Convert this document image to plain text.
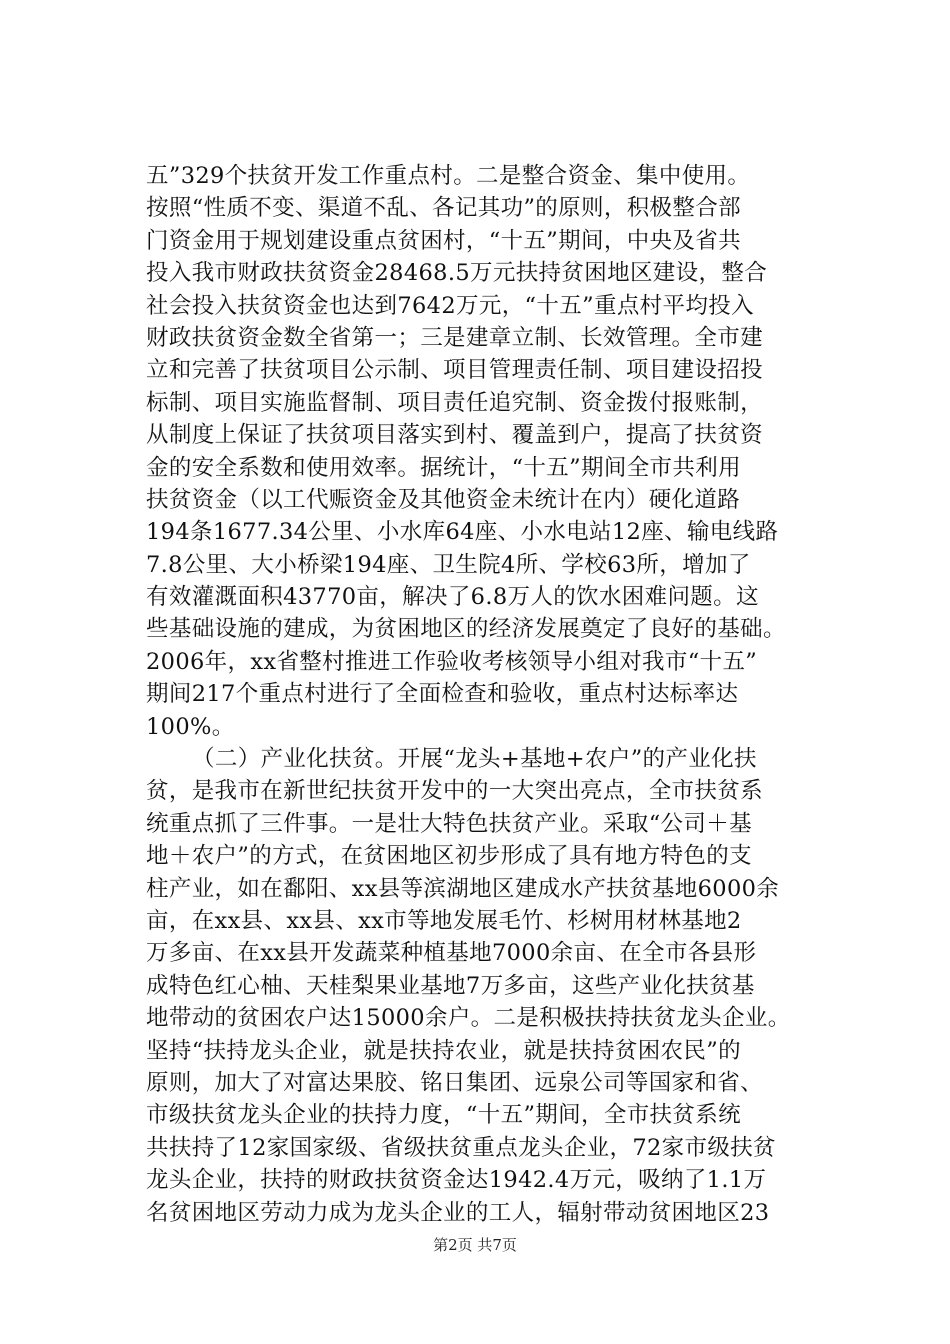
五”329个扶贫开发工作重点村。二是整合资金、集中使用。
按照“性质不变、渠道不乱、各记其功”的原则，积极整合部
门资金用于规划建设重点贫困村，“十五”期间，中央及省共
投入我市财政扶贫资金28468.5万元扶持贫困地区建设，整合
社会投入扶贫资金也达到7642万元，“十五”重点村平均投入
财政扶贫资金数全省第一；三是建章立制、长效管理。全市建
立和完善了扶贫项目公示制、项目管理责任制、项目建设招投
标制、项目实施监督制、项目责任追究制、资金拨付报账制，
从制度上保证了扶贫项目落实到村、覆盖到户，提高了扶贫资
金的安全系数和使用效率。据统计，“十五”期间全市共利用
扶贫资金（以工代赈资金及其他资金未统计在内）硬化道路
194条1677.34公里、小水库64座、小水电站12座、输电线路
7.8公里、大小桥梁194座、卫生院4所、学校63所，增加了
有效灌溉面积43770亩，解决了6.8万人的饮水困难问题。这
些基础设施的建成，为贫困地区的经济发展奠定了良好的基础。
2006年，xx省整村推进工作验收考核领导小组对我市“十五”
期间217个重点村进行了全面检查和验收，重点村达标率达
100%。
（二）产业化扶贫。开展“龙头+基地+农户”的产业化扶
贫，是我市在新世纪扶贫开发中的一大突出亮点，全市扶贫系
统重点抓了三件事。一是壮大特色扶贫产业。采取“公司＋基
地＋农户”的方式，在贫困地区初步形成了具有地方特色的支
柱产业，如在鄱阳、xx县等滨湖地区建成水产扶贫基地6000余
亩，在xx县、xx县、xx市等地发展毛竹、杉树用材林基地2
万多亩、在xx县开发蔬菜种植基地7000余亩、在全市各县形
成特色红心柚、天桂梨果业基地7万多亩，这些产业化扶贫基
地带动的贫困农户达15000余户。二是积极扶持扶贫龙头企业。
坚持“扶持龙头企业，就是扶持农业，就是扶持贫困农民”的
原则，加大了对富达果胶、铭日集团、远泉公司等国家和省、
市级扶贫龙头企业的扶持力度，“十五”期间，全市扶贫系统
共扶持了12家国家级、省级扶贫重点龙头企业，72家市级扶贫
龙头企业，扶持的财政扶贫资金达1942.4万元，吸纳了1.1万
名贫困地区劳动力成为龙头企业的工人，辐射带动贫困地区23
第2页 共7页
